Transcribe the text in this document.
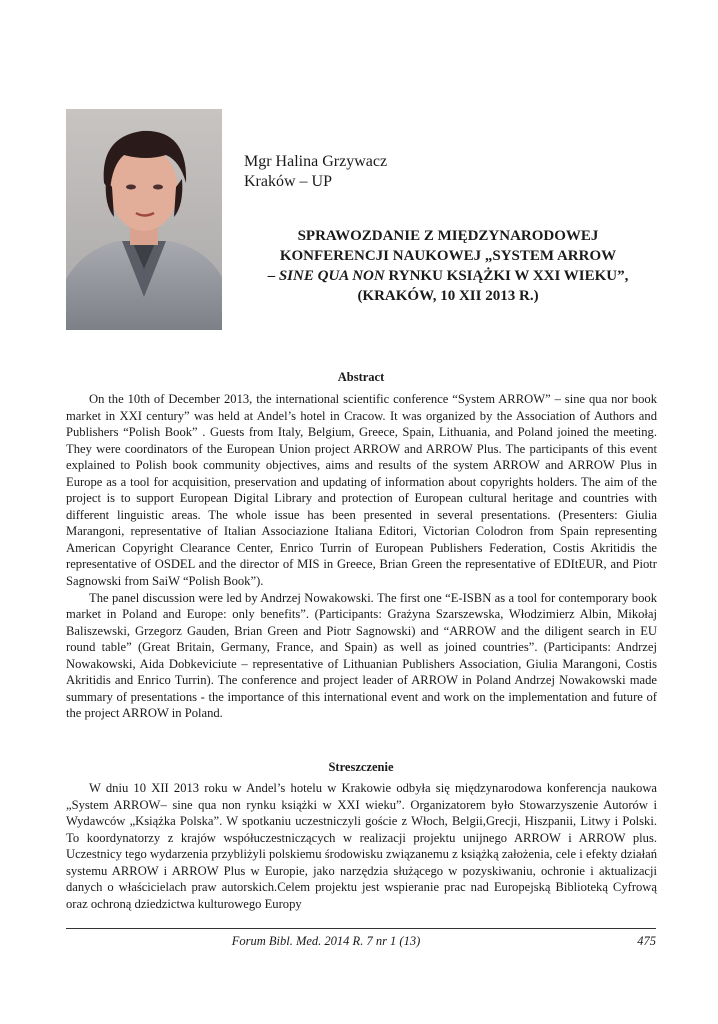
Mgr Halina Grzywacz
Kraków – UP
SPRAWOZDANIE Z MIĘDZYNARODOWEJ
KONFERENCJI NAUKOWEJ „SYSTEM ARROW
– SINE QUA NON RYNKU KSIĄŻKI W XXI WIEKU”,
(KRAKÓW, 10 XII 2013 R.)
Abstract

On the 10th of December 2013, the international scientific conference “System ARROW” – sine qua nor book market in XXI century” was held at Andel’s hotel in Cracow. It was organized by the Association of Authors and Publishers “Polish Book” . Guests from Italy, Belgium, Greece, Spain, Lithuania, and Poland joined the meeting. They were coordinators of the European Union project ARROW and ARROW Plus. The participants of this event explained to Polish book community objectives, aims and results of the system ARROW and ARROW Plus in Europe as a tool for acquisition, preservation and updating of information about copyrights holders. The aim of the project is to support European Digital Library and protection of European cultural heritage and countries with different linguistic areas. The whole issue has been presented in several presentations. (Presenters: Giulia Marangoni, representative of Italian Associazione Italiana Editori, Victorian Colodron from Spain representing American Copyright Clearance Center, Enrico Turrin of European Publishers Federation, Costis Akritidis the representative of OSDEL and the director of MIS in Greece, Brian Green the representative of EDItEUR, and Piotr Sagnowski from SaiW “Polish Book”).

The panel discussion were led by Andrzej Nowakowski. The first one “E-ISBN as a tool for contemporary book market in Poland and Europe: only benefits”. (Participants: Grażyna Szarszewska, Włodzimierz Albin, Mikołaj Baliszewski, Grzegorz Gauden, Brian Green and Piotr Sagnowski) and “ARROW and the diligent search in EU round table” (Great Britain, Germany, France, and Spain) as well as joined countries”. (Participants: Andrzej Nowakowski, Aida Dobkeviciute – representative of Lithuanian Publishers Association, Giulia Marangoni, Costis Akritidis and Enrico Turrin). The conference and project leader of ARROW in Poland Andrzej Nowakowski made summary of presentations - the importance of this international event and work on the implementation and future of the project ARROW in Poland.

Streszczenie

W dniu 10 XII 2013 roku w Andel’s hotelu w Krakowie odbyła się międzynarodowa konferencja naukowa „System ARROW– sine qua non rynku książki w XXI wieku”. Organizatorem było Stowarzyszenie Autorów i Wydawców „Książka Polska”. W spotkaniu uczestniczyli goście z Włoch, Belgii,Grecji, Hiszpanii, Litwy i Polski. To koordynatorzy z krajów współuczestniczących w realizacji projektu unijnego ARROW i ARROW plus. Uczestnicy tego wydarzenia przybliżyli polskiemu środowisku związanemu z książką założenia, cele i efekty działań systemu ARROW i ARROW Plus w Europie, jako narzędzia służącego w pozyskiwaniu, ochronie i aktualizacji danych o właścicielach praw autorskich.Celem projektu jest wspieranie prac nad Europejską Biblioteką Cyfrową oraz ochroną dziedzictwa kulturowego Europy

Forum Bibl. Med. 2014 R. 7 nr 1 (13)	475
